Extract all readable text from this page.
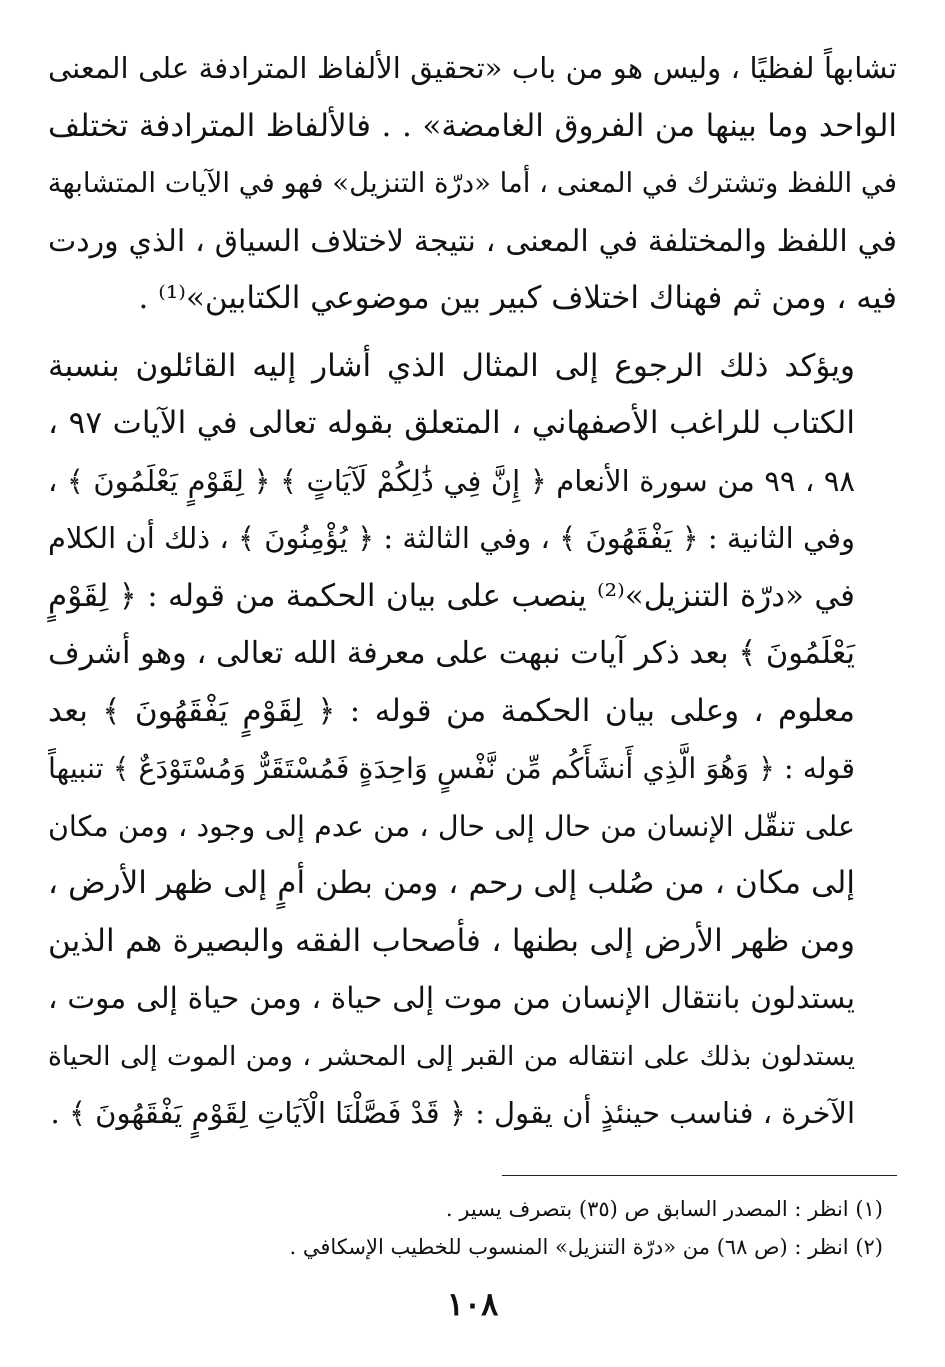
تشابهاً لفظيًا ، وليس هو من باب «تحقيق الألفاظ المترادفة على المعنى
الواحد وما بينها من الفروق الغامضة» . . فالألفاظ المترادفة تختلف
في اللفظ وتشترك في المعنى ، أما «درّة التنزيل» فهو في الآيات المتشابهة
في اللفظ والمختلفة في المعنى ، نتيجة لاختلاف السياق ، الذي وردت
فيه ، ومن ثم فهناك اختلاف كبير بين موضوعي الكتابين»⁽¹⁾ .

ويؤكد ذلك الرجوع إلى المثال الذي أشار إليه القائلون بنسبة
الكتاب للراغب الأصفهاني ، المتعلق بقوله تعالى في الآيات ٩٧ ،
٩٨ ، ٩٩ من سورة الأنعام ﴿ إِنَّ فِي ذَٰلِكُمْ لَآيَاتٍ ﴾ ﴿ لِقَوْمٍ يَعْلَمُونَ ﴾ ،
وفي الثانية : ﴿ يَفْقَهُونَ ﴾ ، وفي الثالثة : ﴿ يُؤْمِنُونَ ﴾ ، ذلك أن الكلام
في «درّة التنزيل»⁽²⁾ ينصب على بيان الحكمة من قوله : ﴿ لِقَوْمٍ
يَعْلَمُونَ ﴾ بعد ذكر آيات نبهت على معرفة الله تعالى ، وهو أشرف
معلوم ، وعلى بيان الحكمة من قوله : ﴿ لِقَوْمٍ يَفْقَهُونَ ﴾ بعد
قوله : ﴿ وَهُوَ الَّذِي أَنشَأَكُم مِّن نَّفْسٍ وَاحِدَةٍ فَمُسْتَقَرٌّ وَمُسْتَوْدَعٌ ﴾ تنبيهاً
على تنقّل الإنسان من حال إلى حال ، من عدم إلى وجود ، ومن مكان
إلى مكان ، من صُلب إلى رحم ، ومن بطن أمٍ إلى ظهر الأرض ،
ومن ظهر الأرض إلى بطنها ، فأصحاب الفقه والبصيرة هم الذين
يستدلون بانتقال الإنسان من موت إلى حياة ، ومن حياة إلى موت ،
يستدلون بذلك على انتقاله من القبر إلى المحشر ، ومن الموت إلى الحياة
الآخرة ، فناسب حينئذٍ أن يقول : ﴿ قَدْ فَصَّلْنَا الْآيَاتِ لِقَوْمٍ يَفْقَهُونَ ﴾ .

(١) انظر : المصدر السابق ص (٣٥) بتصرف يسير .
(٢) انظر : (ص ٦٨) من «درّة التنزيل» المنسوب للخطيب الإسكافي .
١٠٨
